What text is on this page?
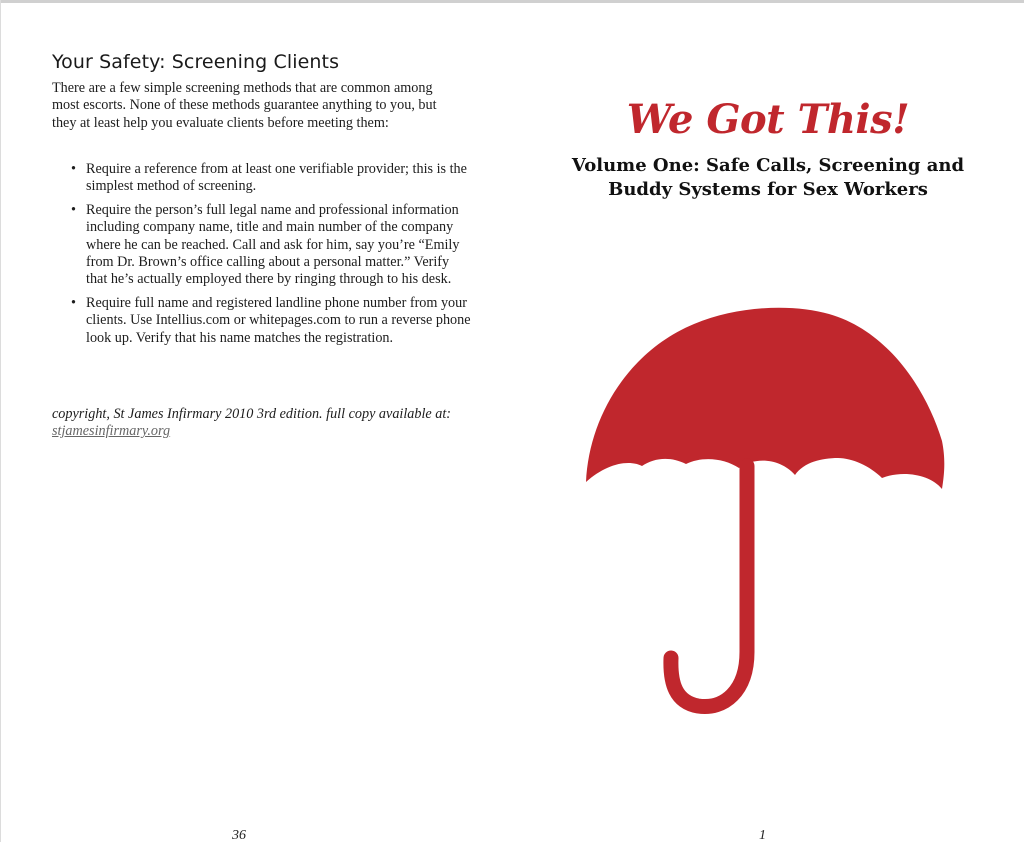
Your Safety: Screening Clients
There are a few simple screening methods that are common among most escorts. None of these methods guarantee anything to you, but they at least help you evaluate clients before meeting them:
• Require a reference from at least one verifiable provider; this is the simplest method of screening.
• Require the person’s full legal name and professional information including company name, title and main number of the company where he can be reached. Call and ask for him, say you’re “Emily from Dr. Brown’s office calling about a personal matter.” Verify that he’s actually employed there by ringing through to his desk.
• Require full name and registered landline phone number from your clients. Use Intellius.com or whitepages.com to run a reverse phone look up. Verify that his name matches the registration.
copyright, St James Infirmary 2010 3rd edition. full copy available at: stjamesinfirmary.org
36
We Got This!
Volume One: Safe Calls, Screening and Buddy Systems for Sex Workers
1
